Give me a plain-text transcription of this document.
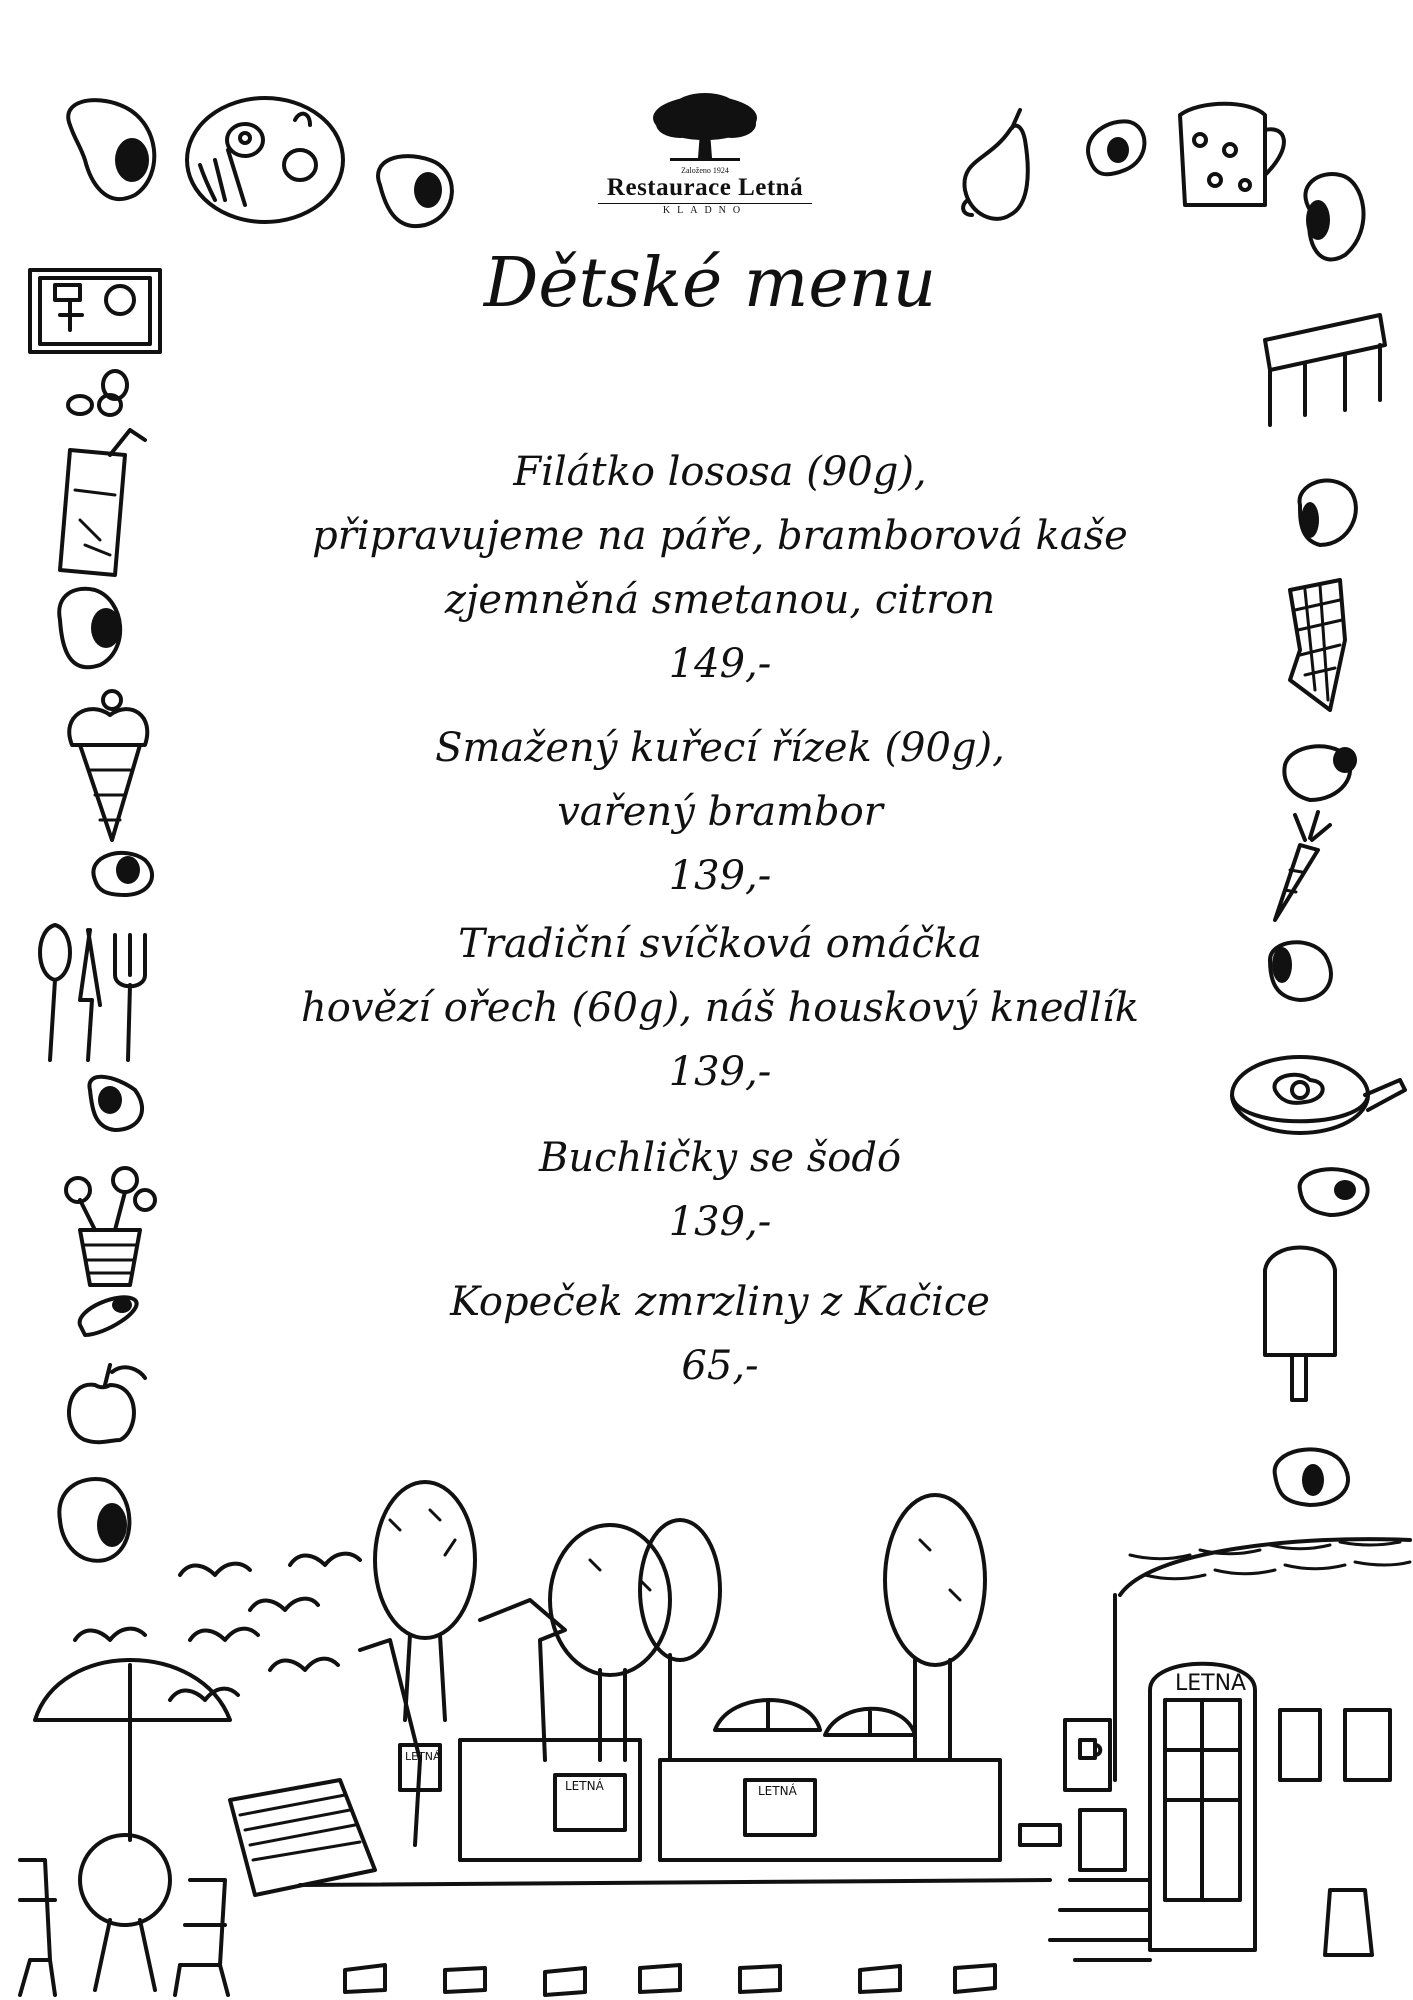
Založeno 1924
Restaurace Letná
KLADNO
Dětské menu
Filátko lososa (90g),
připravujeme na páře, bramborová kaše
zjemněná smetanou, citron
149,-
Smažený kuřecí řízek (90g),
vařený brambor
139,-
Tradiční svíčková omáčka
hovězí ořech (60g), náš houskový knedlík
139,-
Buchličky se šodó
139,-
Kopeček zmrzliny z Kačice
65,-
LETNÁ
LETNÁ
LETNÁ	LETNÁ
